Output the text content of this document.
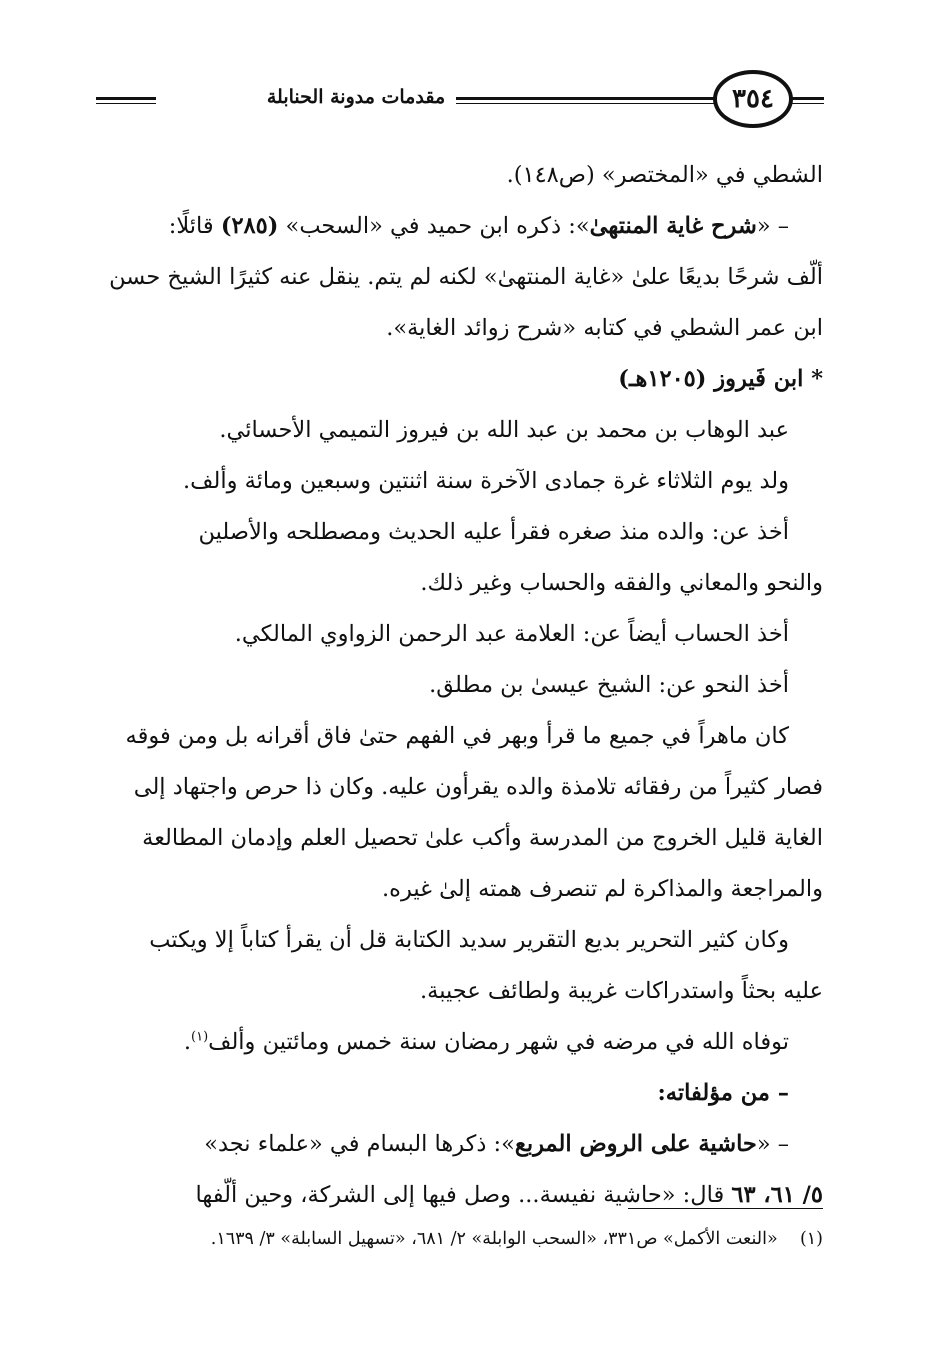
مقدمات مدونة الحنابلة	٣٥٤

الشطي في «المختصر» (ص١٤٨).

– «شرح غاية المنتهىٰ»: ذكره ابن حميد في «السحب» (٢٨٥) قائلًا:

ألّف شرحًا بديعًا علىٰ «غاية المنتهىٰ» لكنه لم يتم. ينقل عنه كثيرًا الشيخ حسن

ابن عمر الشطي في كتابه «شرح زوائد الغاية».

* ابن فَيروز (١٢٠٥هـ)

عبد الوهاب بن محمد بن عبد الله بن فيروز التميمي الأحسائي.

ولد يوم الثلاثاء غرة جمادى الآخرة سنة اثنتين وسبعين ومائة وألف.

أخذ عن: والده منذ صغره فقرأ عليه الحديث ومصطلحه والأصلين

والنحو والمعاني والفقه والحساب وغير ذلك.

أخذ الحساب أيضاً عن: العلامة عبد الرحمن الزواوي المالكي.

أخذ النحو عن: الشيخ عيسىٰ بن مطلق.

كان ماهراً في جميع ما قرأ وبهر في الفهم حتىٰ فاق أقرانه بل ومن فوقه

فصار كثيراً من رفقائه تلامذة والده يقرأون عليه. وكان ذا حرص واجتهاد إلى

الغاية قليل الخروج من المدرسة وأكب علىٰ تحصيل العلم وإدمان المطالعة

والمراجعة والمذاكرة لم تنصرف همته إلىٰ غيره.

وكان كثير التحرير بديع التقرير سديد الكتابة قل أن يقرأ كتاباً إلا ويكتب

عليه بحثاً واستدراكات غريبة ولطائف عجيبة.

توفاه الله في مرضه في شهر رمضان سنة خمس ومائتين وألف$^{(١)}$.

– من مؤلفاته:

– «حاشية على الروض المربع»: ذكرها البسام في «علماء نجد»

٥/ ٦١، ٦٣ قال: «حاشية نفيسة... وصل فيها إلى الشركة، وحين ألّفها

(١)    «النعت الأكمل» ص٣٣١، «السحب الوابلة» ٢/ ٦٨١، «تسهيل السابلة» ٣/ ١٦٣٩.
